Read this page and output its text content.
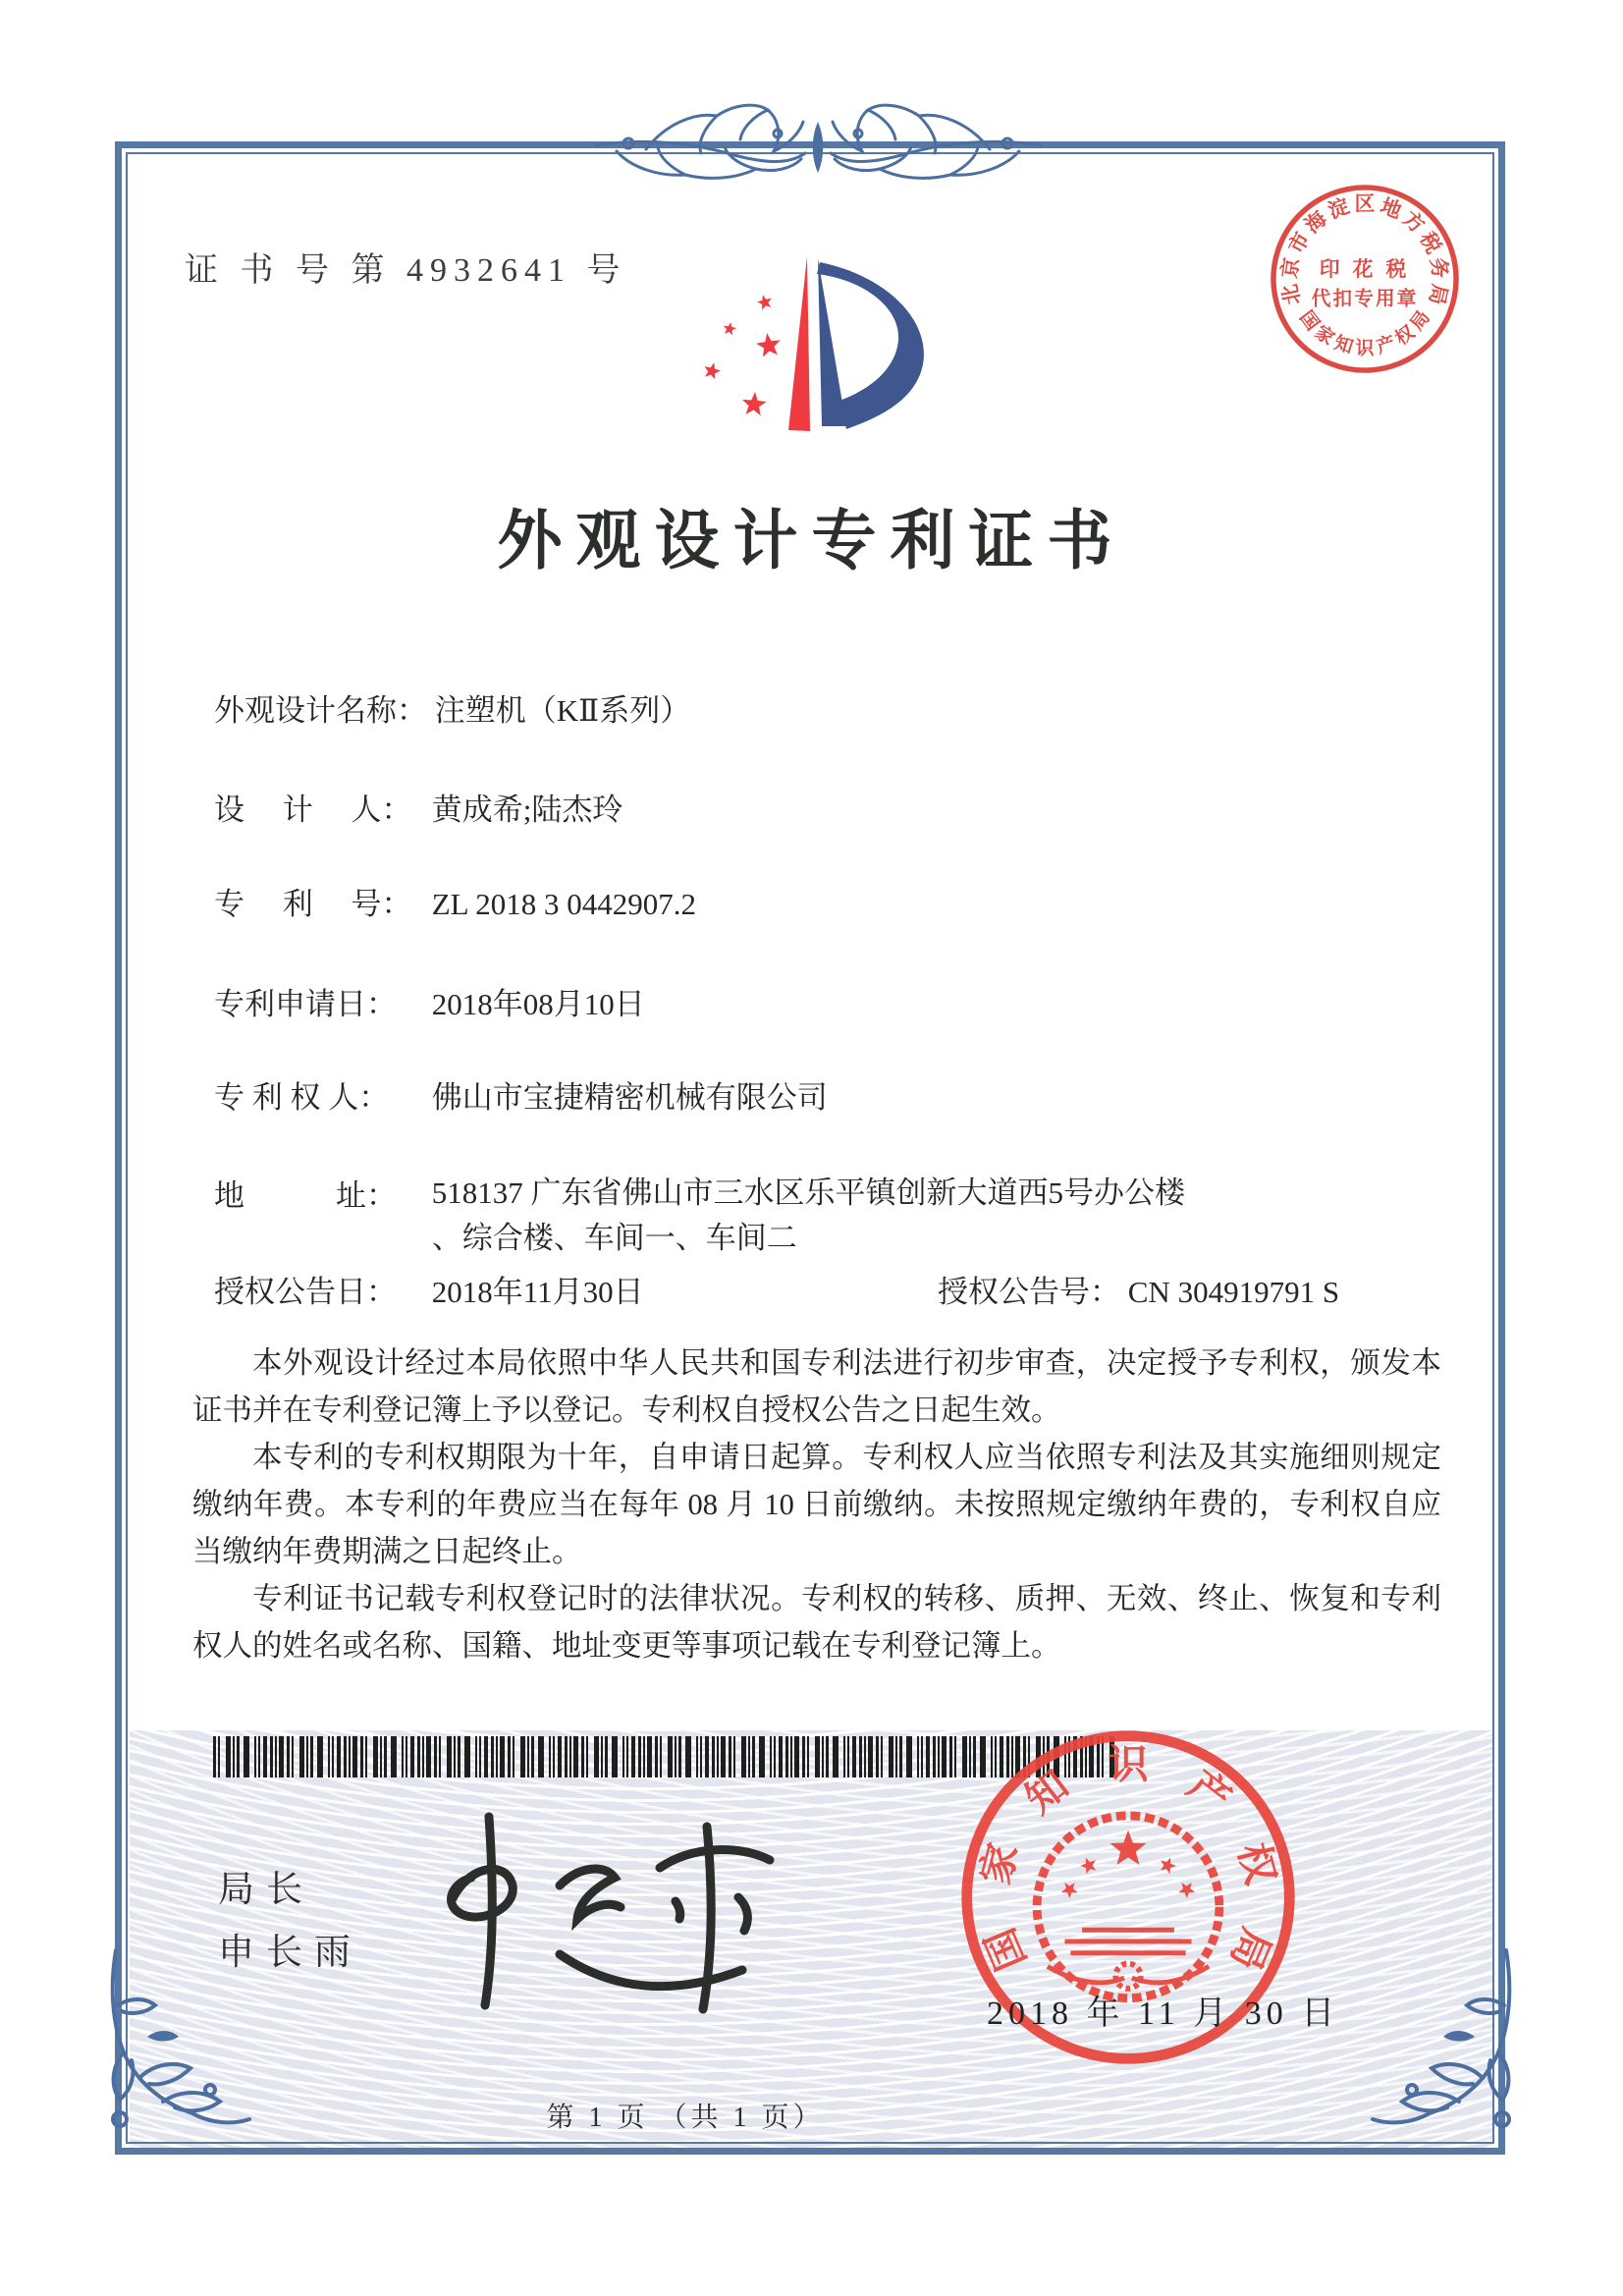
证 书 号 第 4932641 号	印 花 税
代扣专用章
北
京
市
海
淀 区 地
方
税
务
局
国
家
知 识 产
权
局
外观设计专利证书
外观设计名称： 注塑机（KⅡ系列）
设　 计 　人： 黄成希;陆杰玲
专　 利 　号： ZL 2018 3 0442907.2
专利申请日： 2018年08月10日
专 利 权 人： 佛山市宝捷精密机械有限公司
地　　　址： 518137 广东省佛山市三水区乐平镇创新大道西5号办公楼
、综合楼、车间一、车间二
授权公告日： 2018年11月30日	授权公告号： CN 304919791 S

本外观设计经过本局依照中华人民共和国专利法进行初步审查，决定授予专利权，颁发本证书并在专利登记簿上予以登记。专利权自授权公告之日起生效。

本专利的专利权期限为十年，自申请日起算。专利权人应当依照专利法及其实施细则规定缴纳年费。本专利的年费应当在每年 08 月 10 日前缴纳。未按照规定缴纳年费的，专利权自应当缴纳年费期满之日起终止。

专利证书记载专利权登记时的法律状况。专利权的转移、质押、无效、终止、恢复和专利权人的姓名或名称、国籍、地址变更等事项记载在专利登记簿上。

局长
申长雨	国
家
知 识 产
权
局
2018 年 11 月 30 日
第 1 页 （共 1 页）
